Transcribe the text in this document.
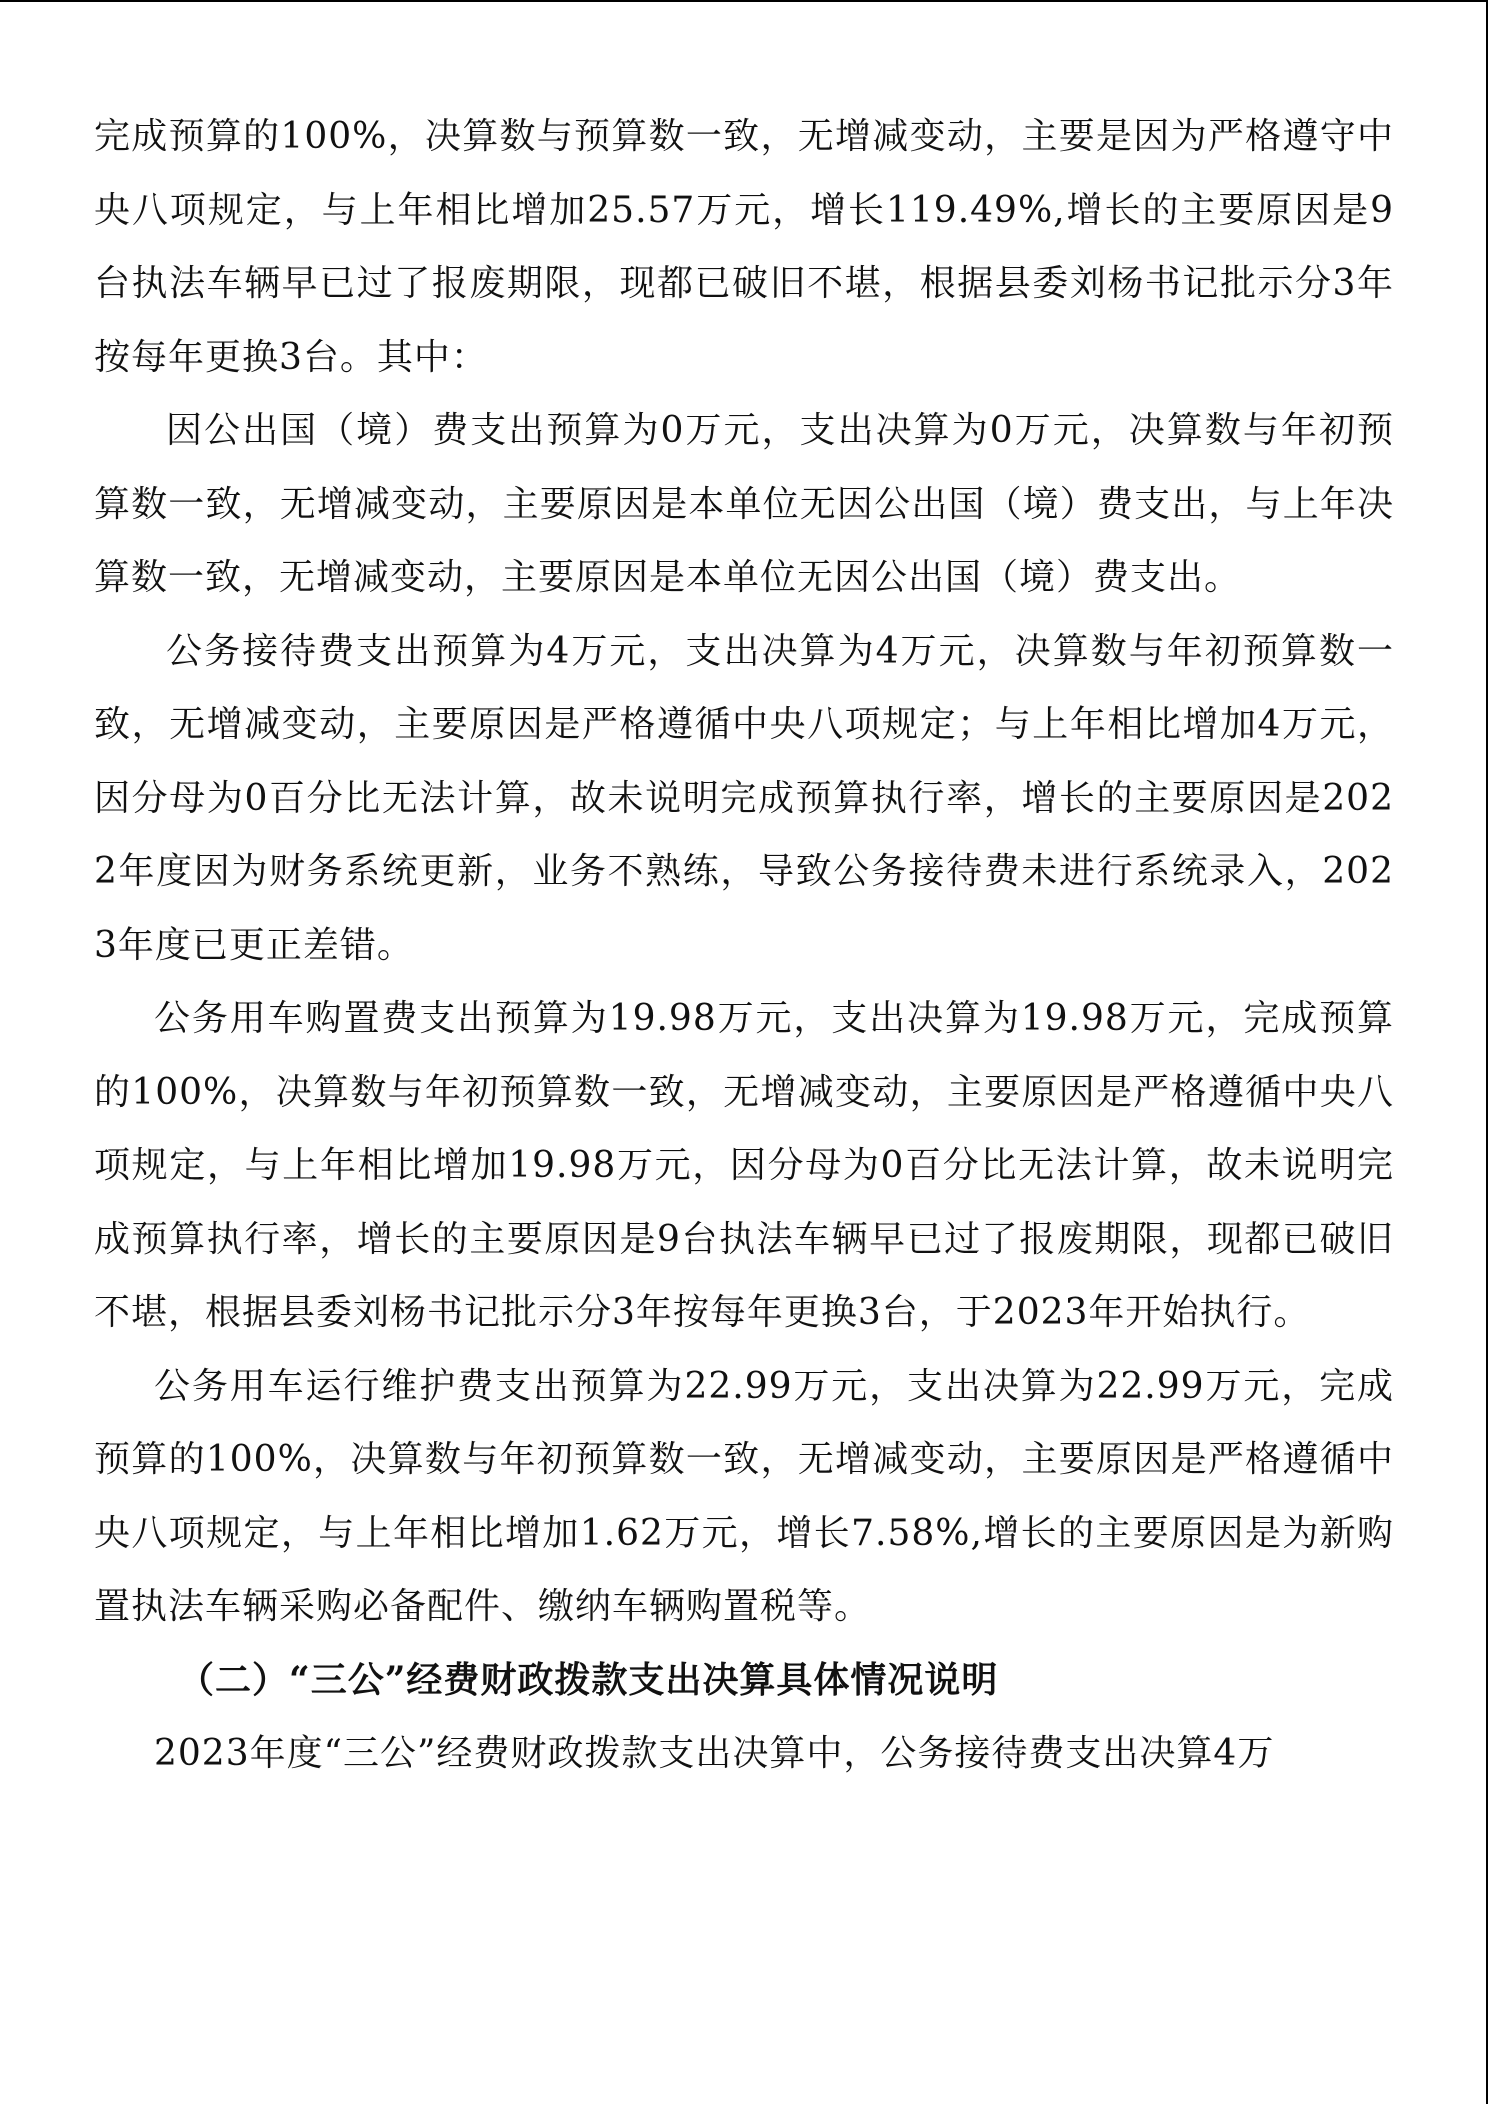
完成预算的100%，决算数与预算数一致，无增减变动，主要是因为严格遵守中央八项规定，与上年相比增加25.57万元，增长119.49%,增长的主要原因是9台执法车辆早已过了报废期限，现都已破旧不堪，根据县委刘杨书记批示分3年按每年更换3台。其中：

因公出国（境）费支出预算为0万元，支出决算为0万元，决算数与年初预算数一致，无增减变动，主要原因是本单位无因公出国（境）费支出，与上年决算数一致，无增减变动，主要原因是本单位无因公出国（境）费支出。

公务接待费支出预算为4万元，支出决算为4万元，决算数与年初预算数一致，无增减变动，主要原因是严格遵循中央八项规定；与上年相比增加4万元，因分母为0百分比无法计算，故未说明完成预算执行率，增长的主要原因是2022年度因为财务系统更新，业务不熟练，导致公务接待费未进行系统录入，2023年度已更正差错。

公务用车购置费支出预算为19.98万元，支出决算为19.98万元，完成预算的100%，决算数与年初预算数一致，无增减变动，主要原因是严格遵循中央八项规定，与上年相比增加19.98万元，因分母为0百分比无法计算，故未说明完成预算执行率，增长的主要原因是9台执法车辆早已过了报废期限，现都已破旧不堪，根据县委刘杨书记批示分3年按每年更换3台，于2023年开始执行。

公务用车运行维护费支出预算为22.99万元，支出决算为22.99万元，完成预算的100%，决算数与年初预算数一致，无增减变动，主要原因是严格遵循中央八项规定，与上年相比增加1.62万元，增长7.58%,增长的主要原因是为新购置执法车辆采购必备配件、缴纳车辆购置税等。

（二）“三公”经费财政拨款支出决算具体情况说明

2023年度“三公”经费财政拨款支出决算中，公务接待费支出决算4万
